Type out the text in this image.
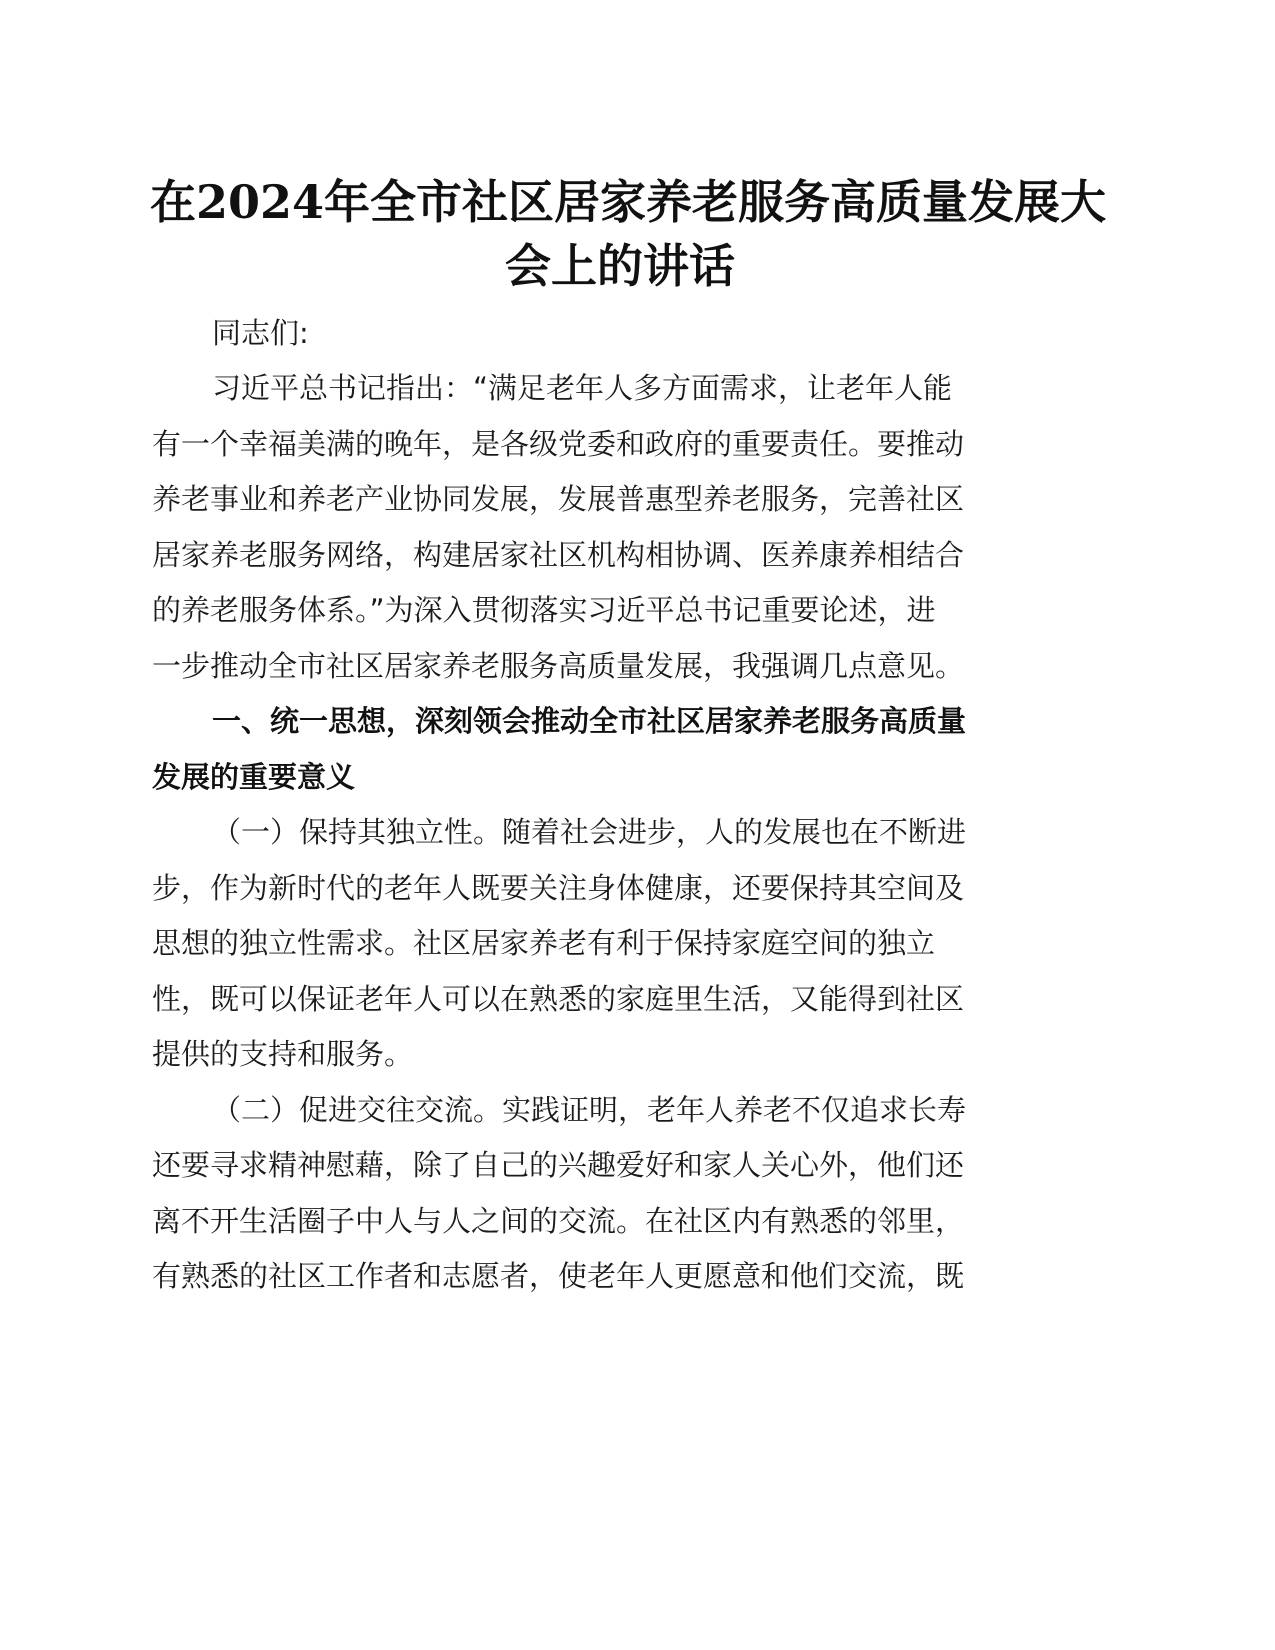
在2024年全市社区居家养老服务高质量发展大
会上的讲话

同志们:

习近平总书记指出：“满足老年人多方面需求，让老年人能

有一个幸福美满的晚年，是各级党委和政府的重要责任。要推动

养老事业和养老产业协同发展，发展普惠型养老服务，完善社区

居家养老服务网络，构建居家社区机构相协调、医养康养相结合

的养老服务体系。”为深入贯彻落实习近平总书记重要论述，进

一步推动全市社区居家养老服务高质量发展，我强调几点意见。

一、统一思想，深刻领会推动全市社区居家养老服务高质量

发展的重要意义

（一）保持其独立性。随着社会进步，人的发展也在不断进

步，作为新时代的老年人既要关注身体健康，还要保持其空间及

思想的独立性需求。社区居家养老有利于保持家庭空间的独立

性，既可以保证老年人可以在熟悉的家庭里生活，又能得到社区

提供的支持和服务。

（二）促进交往交流。实践证明，老年人养老不仅追求长寿

还要寻求精神慰藉，除了自己的兴趣爱好和家人关心外，他们还

离不开生活圈子中人与人之间的交流。在社区内有熟悉的邻里，

有熟悉的社区工作者和志愿者，使老年人更愿意和他们交流，既
